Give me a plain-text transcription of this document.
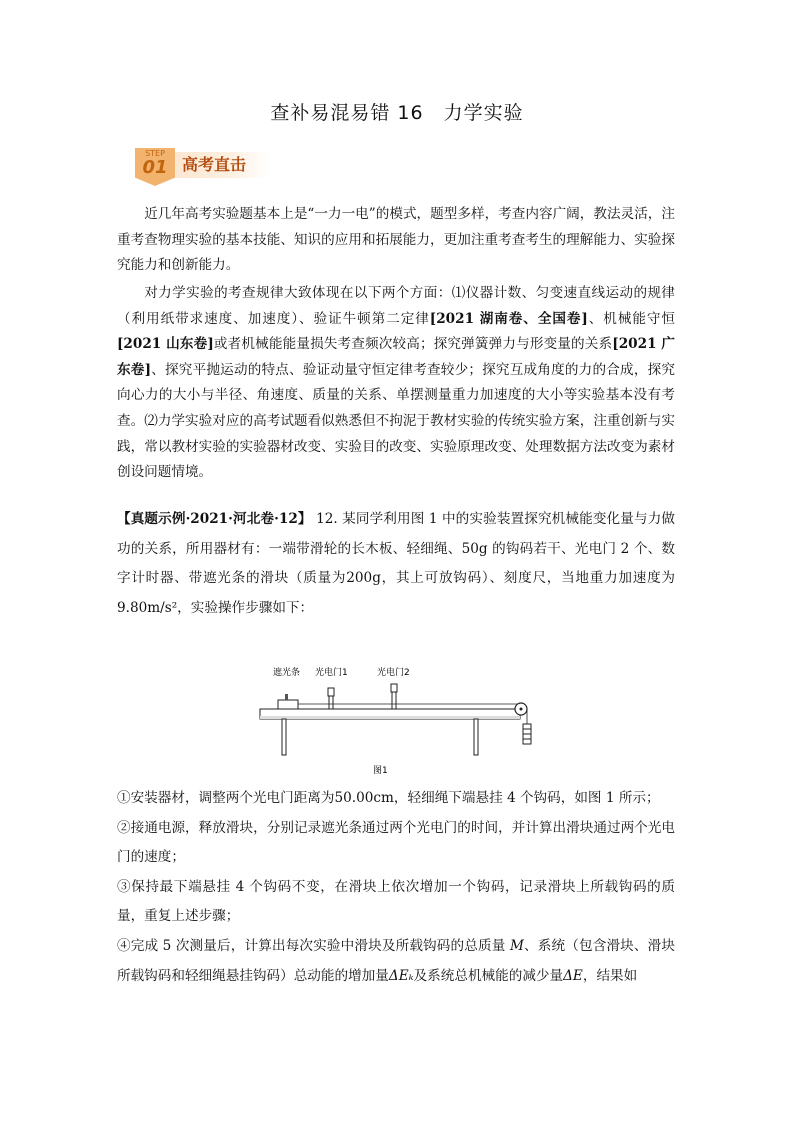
查补易混易错 16　力学实验
STEP
01 高考直击

近几年高考实验题基本上是“一力一电”的模式，题型多样，考查内容广阔，教法灵活，注重考查物理实验的基本技能、知识的应用和拓展能力，更加注重考查考生的理解能力、实验探究能力和创新能力。

对力学实验的考查规律大致体现在以下两个方面：⑴仪器计数、匀变速直线运动的规律（利用纸带求速度、加速度）、验证牛顿第二定律[2021 湖南卷、全国卷]、机械能守恒[2021 山东卷]或者机械能能量损失考查频次较高；探究弹簧弹力与形变量的关系[2021 广东卷]、探究平抛运动的特点、验证动量守恒定律考查较少；探究互成角度的力的合成，探究向心力的大小与半径、角速度、质量的关系、单摆测量重力加速度的大小等实验基本没有考查。⑵力学实验对应的高考试题看似熟悉但不拘泥于教材实验的传统实验方案，注重创新与实践，常以教材实验的实验器材改变、实验目的改变、实验原理改变、处理数据方法改变为素材创设问题情境。

【真题示例·2021·河北卷·12】 12. 某同学利用图 1 中的实验装置探究机械能变化量与力做功的关系，所用器材有：一端带滑轮的长木板、轻细绳、50g 的钩码若干、光电门 2 个、数字计时器、带遮光条的滑块（质量为200g，其上可放钩码）、刻度尺，当地重力加速度为9.80m/s²，实验操作步骤如下：

遮光条 光电门1	光电门2
图1
①安装器材，调整两个光电门距离为50.00cm，轻细绳下端悬挂 4 个钩码，如图 1 所示；
②接通电源，释放滑块，分别记录遮光条通过两个光电门的时间，并计算出滑块通过两个光电门的速度；
③保持最下端悬挂 4 个钩码不变，在滑块上依次增加一个钩码，记录滑块上所载钩码的质量，重复上述步骤；
④完成 5 次测量后，计算出每次实验中滑块及所载钩码的总质量 M、系统（包含滑块、滑块所载钩码和轻细绳悬挂钩码）总动能的增加量ΔEₖ及系统总机械能的减少量ΔE，结果如
